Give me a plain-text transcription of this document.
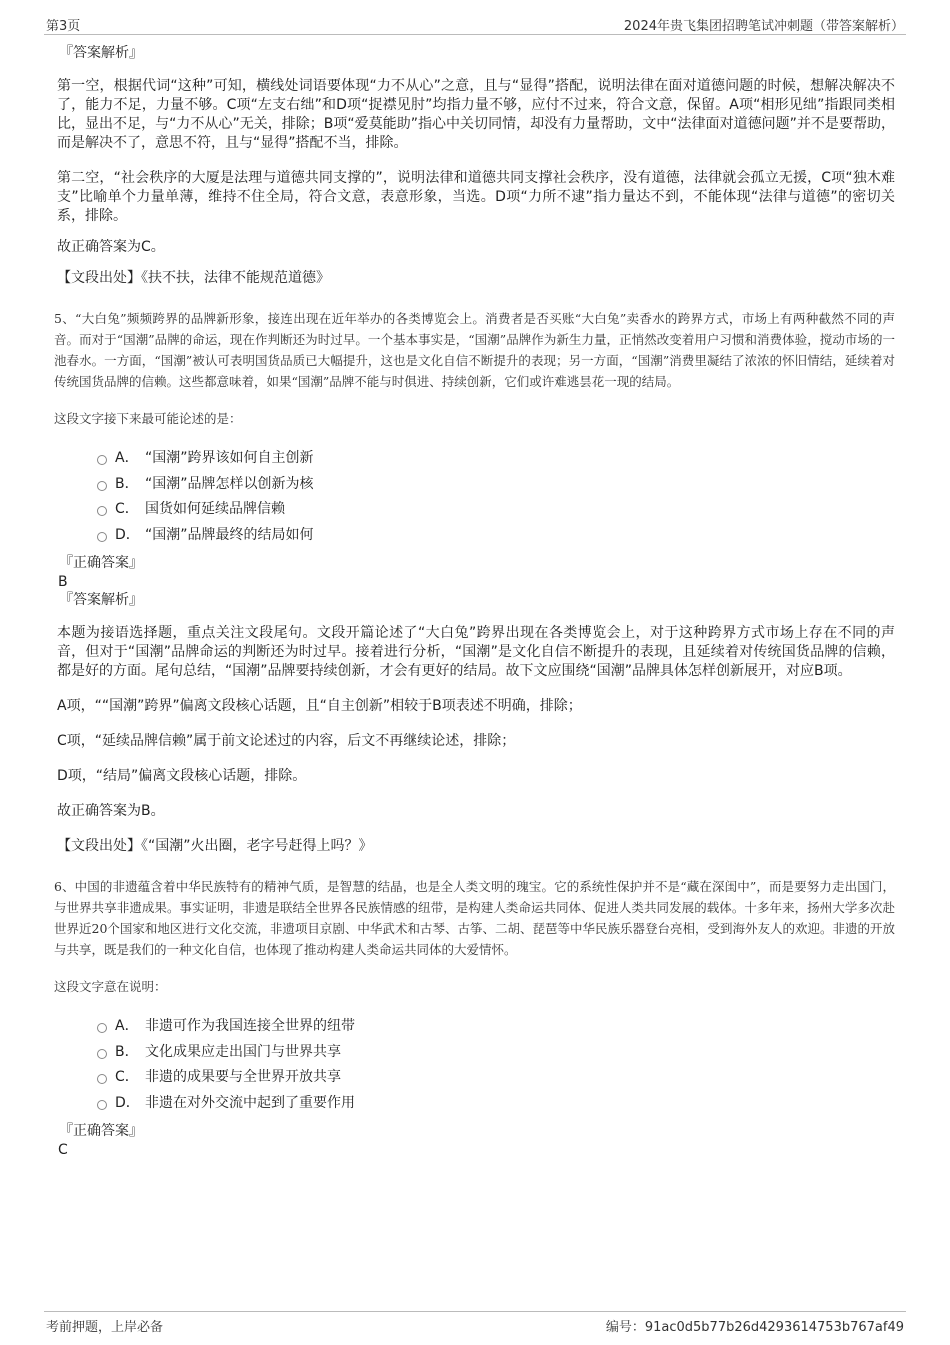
第3页	2024年贵飞集团招聘笔试冲刺题（带答案解析）
『答案解析』

第一空，根据代词“这种”可知，横线处词语要体现“力不从心”之意，且与“显得”搭配，说明法律在面对道德问题的时候，想解决解决不了，能力不足，力量不够。C项“左支右绌”和D项“捉襟见肘”均指力量不够，应付不过来，符合文意，保留。A项“相形见绌”指跟同类相比，显出不足，与“力不从心”无关，排除；B项“爱莫能助”指心中关切同情，却没有力量帮助，文中“法律面对道德问题”并不是要帮助，而是解决不了，意思不符，且与“显得”搭配不当，排除。

第二空，“社会秩序的大厦是法理与道德共同支撑的”，说明法律和道德共同支撑社会秩序，没有道德，法律就会孤立无援，C项“独木难支”比喻单个力量单薄，维持不住全局，符合文意，表意形象，当选。D项“力所不逮”指力量达不到，不能体现“法律与道德”的密切关系，排除。

故正确答案为C。

【文段出处】《扶不扶，法律不能规范道德》

5、“大白兔”频频跨界的品牌新形象，接连出现在近年举办的各类博览会上。消费者是否买账“大白兔”卖香水的跨界方式，市场上有两种截然不同的声音。而对于“国潮”品牌的命运，现在作判断还为时过早。一个基本事实是，“国潮”品牌作为新生力量，正悄然改变着用户习惯和消费体验，搅动市场的一池春水。一方面，“国潮”被认可表明国货品质已大幅提升，这也是文化自信不断提升的表现；另一方面，“国潮”消费里凝结了浓浓的怀旧情结，延续着对传统国货品牌的信赖。这些都意味着，如果“国潮”品牌不能与时俱进、持续创新，它们或许难逃昙花一现的结局。

这段文字接下来最可能论述的是：

A． “国潮”跨界该如何自主创新
B． “国潮”品牌怎样以创新为核
C． 国货如何延续品牌信赖
D． “国潮”品牌最终的结局如何
『正确答案』
B
『答案解析』

本题为接语选择题，重点关注文段尾句。文段开篇论述了“大白兔”跨界出现在各类博览会上，对于这种跨界方式市场上存在不同的声音，但对于“国潮”品牌命运的判断还为时过早。接着进行分析，“国潮”是文化自信不断提升的表现，且延续着对传统国货品牌的信赖，都是好的方面。尾句总结，“国潮”品牌要持续创新，才会有更好的结局。故下文应围绕“国潮”品牌具体怎样创新展开，对应B项。

A项，““国潮”跨界”偏离文段核心话题，且“自主创新”相较于B项表述不明确，排除；

C项，“延续品牌信赖”属于前文论述过的内容，后文不再继续论述，排除；

D项，“结局”偏离文段核心话题，排除。

故正确答案为B。

【文段出处】《“国潮”火出圈，老字号赶得上吗？》

6、中国的非遗蕴含着中华民族特有的精神气质，是智慧的结晶，也是全人类文明的瑰宝。它的系统性保护并不是“藏在深闺中”，而是要努力走出国门，与世界共享非遗成果。事实证明，非遗是联结全世界各民族情感的纽带，是构建人类命运共同体、促进人类共同发展的载体。十多年来，扬州大学多次赴世界近20个国家和地区进行文化交流，非遗项目京剧、中华武术和古琴、古筝、二胡、琵琶等中华民族乐器登台亮相，受到海外友人的欢迎。非遗的开放与共享，既是我们的一种文化自信，也体现了推动构建人类命运共同体的大爱情怀。

这段文字意在说明：

A． 非遗可作为我国连接全世界的纽带
B． 文化成果应走出国门与世界共享
C． 非遗的成果要与全世界开放共享
D． 非遗在对外交流中起到了重要作用
『正确答案』
C
考前押题，上岸必备	编号：91ac0d5b77b26d4293614753b767af49
